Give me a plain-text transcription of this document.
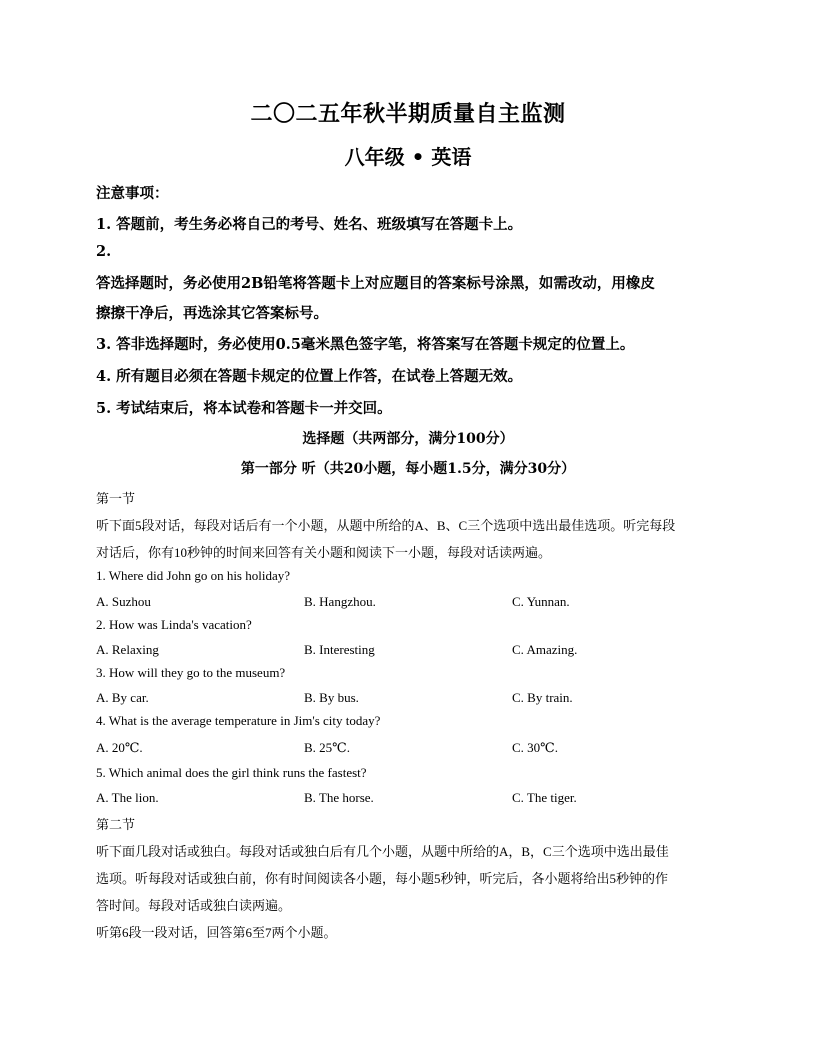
二〇二五年秋半期质量自主监测
八年级 • 英语
注意事项：
1. 答题前，考生务必将自己的考号、姓名、班级填写在答题卡上。
2.
答选择题时，务必使用2B铅笔将答题卡上对应题目的答案标号涂黑，如需改动，用橡皮
擦擦干净后，再选涂其它答案标号。
3. 答非选择题时，务必使用0.5毫米黑色签字笔，将答案写在答题卡规定的位置上。
4. 所有题目必须在答题卡规定的位置上作答，在试卷上答题无效。
5. 考试结束后，将本试卷和答题卡一并交回。
选择题（共两部分，满分100分）
第一部分 听（共20小题，每小题1.5分，满分30分）
第一节
听下面5段对话，每段对话后有一个小题，从题中所给的A、B、C三个选项中选出最佳选项。听完每段
对话后，你有10秒钟的时间来回答有关小题和阅读下一小题，每段对话读两遍。
1. Where did John go on his holiday?
A. Suzhou	B. Hangzhou.	C. Yunnan.
2. How was Linda's vacation?
A. Relaxing	B. Interesting	C. Amazing.
3. How will they go to the museum?
A. By car.	B. By bus.	C. By train.
4. What is the average temperature in Jim's city today?
A. 20℃.	B. 25℃.	C. 30℃.
5. Which animal does the girl think runs the fastest?
A. The lion.	B. The horse.	C. The tiger.
第二节
听下面几段对话或独白。每段对话或独白后有几个小题，从题中所给的A，B，C三个选项中选出最佳
选项。听每段对话或独白前，你有时间阅读各小题，每小题5秒钟，听完后，各小题将给出5秒钟的作
答时间。每段对话或独白读两遍。
听第6段一段对话，回答第6至7两个小题。
